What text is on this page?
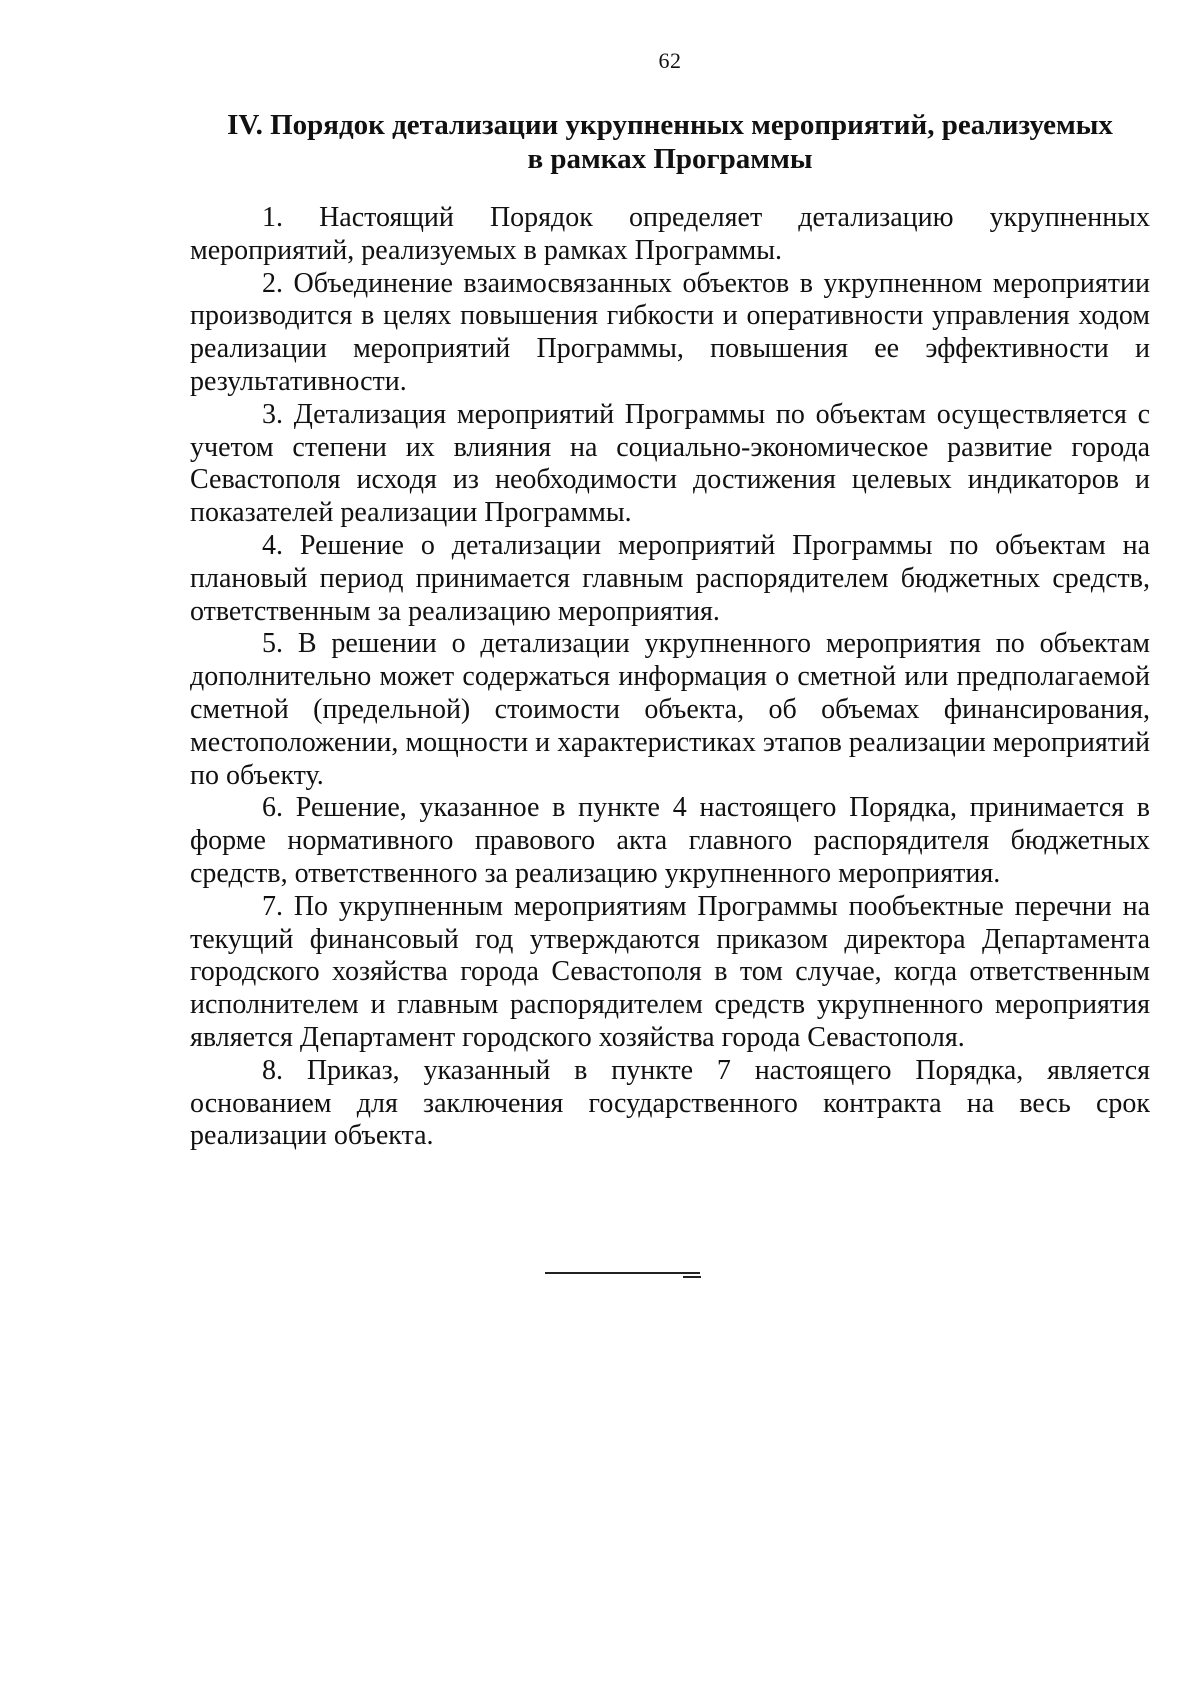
62
IV. Порядок детализации укрупненных мероприятий, реализуемых
в рамках Программы

1. Настоящий Порядок определяет детализацию укрупненных мероприятий, реализуемых в рамках Программы.

2. Объединение взаимосвязанных объектов в укрупненном мероприятии производится в целях повышения гибкости и оперативности управления ходом реализации мероприятий Программы, повышения ее эффективности и результативности.

3. Детализация мероприятий Программы по объектам осуществляется с учетом степени их влияния на социально-экономическое развитие города Севастополя исходя из необходимости достижения целевых индикаторов и показателей реализации Программы.

4. Решение о детализации мероприятий Программы по объектам на плановый период принимается главным распорядителем бюджетных средств, ответственным за реализацию мероприятия.

5. В решении о детализации укрупненного мероприятия по объектам дополнительно может содержаться информация о сметной или предполагаемой сметной (предельной) стоимости объекта, об объемах финансирования, местоположении, мощности и характеристиках этапов реализации мероприятий по объекту.

6. Решение, указанное в пункте 4 настоящего Порядка, принимается в форме нормативного правового акта главного распорядителя бюджетных средств, ответственного за реализацию укрупненного мероприятия.

7. По укрупненным мероприятиям Программы пообъектные перечни на текущий финансовый год утверждаются приказом директора Департамента городского хозяйства города Севастополя в том случае, когда ответственным исполнителем и главным распорядителем средств укрупненного мероприятия является Департамент городского хозяйства города Севастополя.

8. Приказ, указанный в пункте 7 настоящего Порядка, является основанием для заключения государственного контракта на весь срок реализации объекта.
